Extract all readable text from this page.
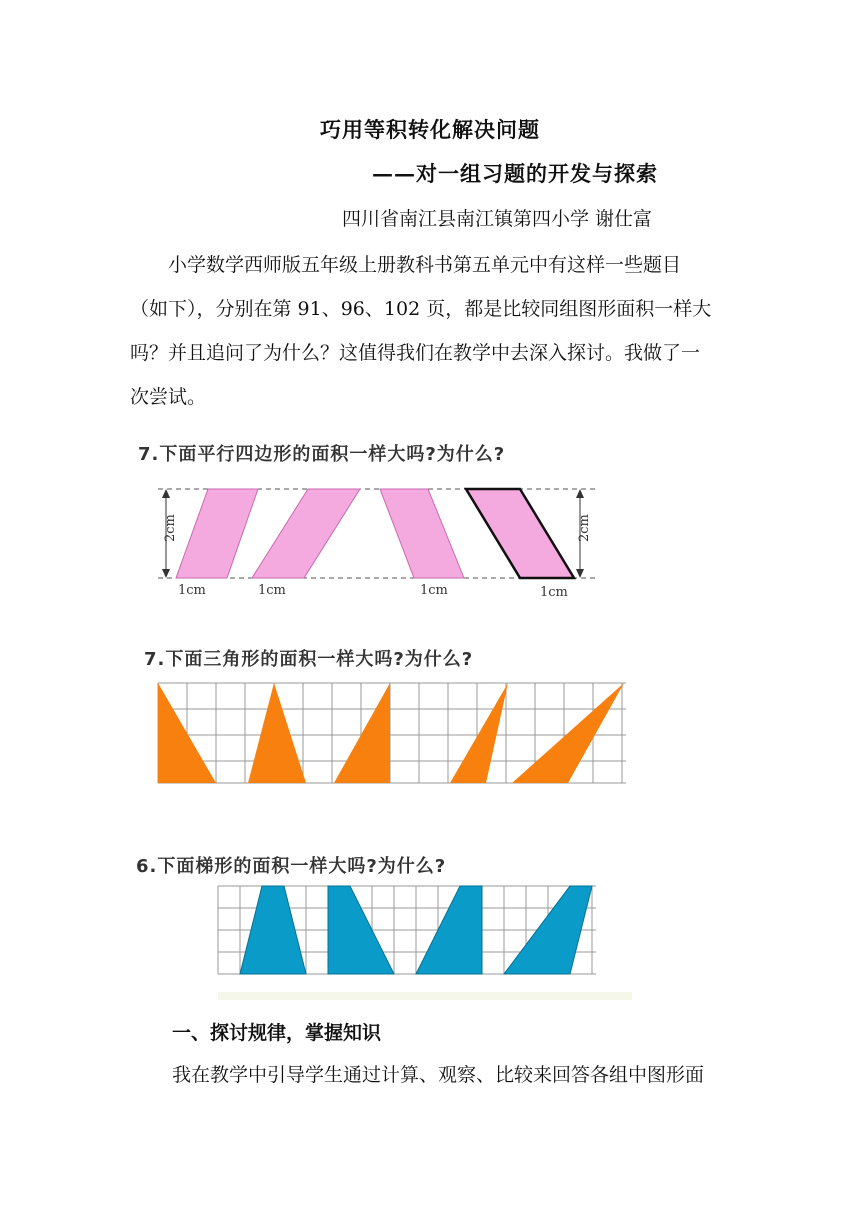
巧用等积转化解决问题
——对一组习题的开发与探索
四川省南江县南江镇第四小学 谢仕富
小学数学西师版五年级上册教科书第五单元中有这样一些题目
（如下），分别在第 91、96、102 页，都是比较同组图形面积一样大
吗？并且追问了为什么？这值得我们在教学中去深入探讨。我做了一
次尝试。
7.下面平行四边形的面积一样大吗?为什么?
2cm	2cm
1cm	1cm	1cm	1cm
7.下面三角形的面积一样大吗?为什么?
6.下面梯形的面积一样大吗?为什么?
一、探讨规律，掌握知识
我在教学中引导学生通过计算、观察、比较来回答各组中图形面
